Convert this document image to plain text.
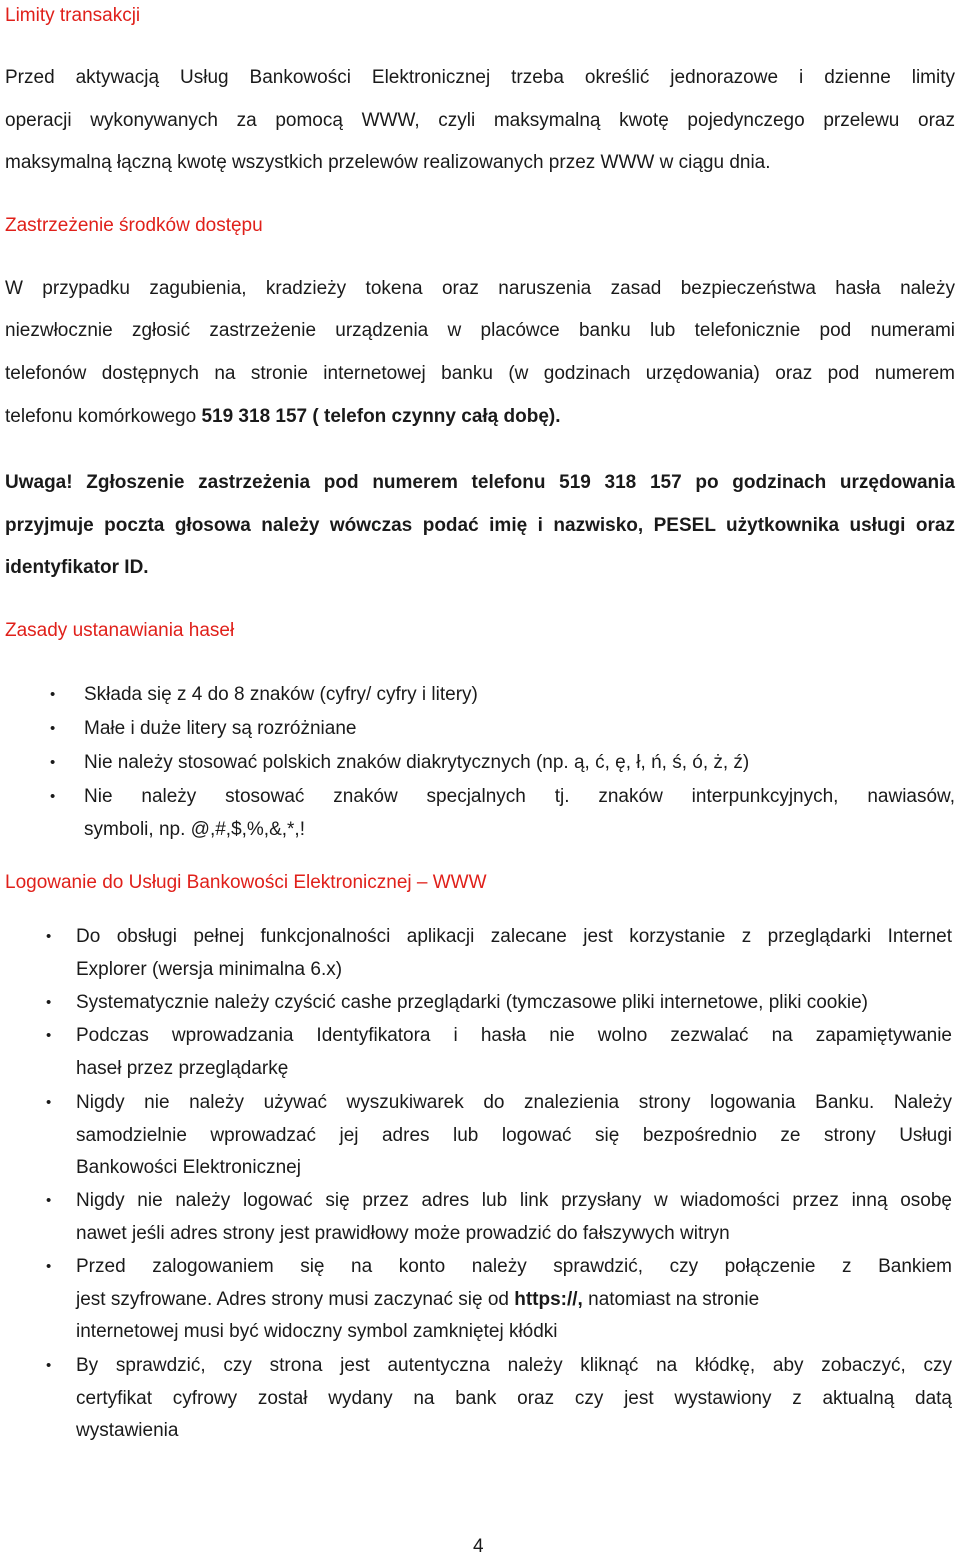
Limity transakcji
Przed aktywacją Usług Bankowości Elektronicznej trzeba określić jednorazowe i dzienne limity
operacji wykonywanych za pomocą WWW, czyli maksymalną kwotę pojedynczego przelewu oraz
maksymalną łączną kwotę wszystkich przelewów realizowanych przez WWW w ciągu dnia.
Zastrzeżenie środków dostępu
W przypadku zagubienia, kradzieży tokena oraz naruszenia zasad bezpieczeństwa hasła należy
niezwłocznie zgłosić zastrzeżenie urządzenia w placówce banku lub telefonicznie pod numerami
telefonów dostępnych na stronie internetowej banku (w godzinach urzędowania) oraz pod numerem
telefonu komórkowego 519 318 157 ( telefon czynny całą dobę).
Uwaga! Zgłoszenie zastrzeżenia pod numerem telefonu 519 318 157 po godzinach urzędowania
przyjmuje poczta głosowa należy wówczas podać imię i nazwisko, PESEL użytkownika usługi oraz
identyfikator ID.
Zasady ustanawiania haseł
• Składa się z 4 do 8 znaków (cyfry/ cyfry i litery)
• Małe i duże litery są rozróżniane
• Nie należy stosować polskich znaków diakrytycznych (np. ą, ć, ę, ł, ń, ś, ó, ż, ź)
• Nie należy stosować znaków specjalnych tj. znaków interpunkcyjnych, nawiasów,
symboli, np. @,#,$,%,&,*,!
Logowanie do Usługi Bankowości Elektronicznej – WWW
• Do obsługi pełnej funkcjonalności aplikacji zalecane jest korzystanie z przeglądarki Internet
Explorer (wersja minimalna 6.x)
• Systematycznie należy czyścić cashe przeglądarki (tymczasowe pliki internetowe, pliki cookie)
• Podczas wprowadzania Identyfikatora i hasła nie wolno zezwalać na zapamiętywanie
haseł przez przeglądarkę
• Nigdy nie należy używać wyszukiwarek do znalezienia strony logowania Banku. Należy
samodzielnie wprowadzać jej adres lub logować się bezpośrednio ze strony Usługi
Bankowości Elektronicznej
• Nigdy nie należy logować się przez adres lub link przysłany w wiadomości przez inną osobę
nawet jeśli adres strony jest prawidłowy może prowadzić do fałszywych witryn
• Przed zalogowaniem się na konto należy sprawdzić, czy połączenie z Bankiem
jest szyfrowane. Adres strony musi zaczynać się od https://, natomiast na stronie
internetowej musi być widoczny symbol zamkniętej kłódki
• By sprawdzić, czy strona jest autentyczna należy kliknąć na kłódkę, aby zobaczyć, czy
certyfikat cyfrowy został wydany na bank oraz czy jest wystawiony z aktualną datą
wystawienia
4
